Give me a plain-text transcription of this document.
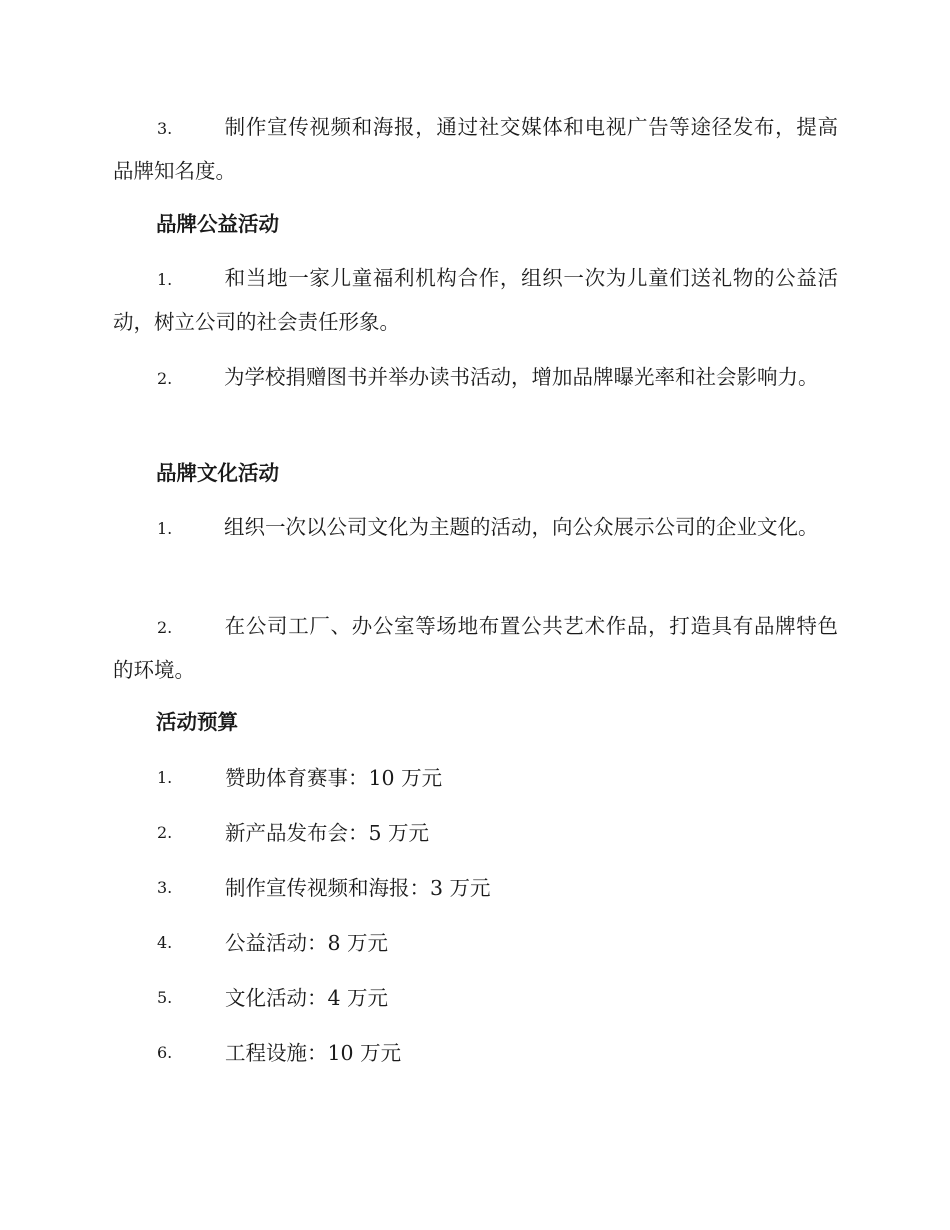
3.	制作宣传视频和海报，通过社交媒体和电视广告等途径发布，提高品牌知名度。

品牌公益活动

1.	和当地一家儿童福利机构合作，组织一次为儿童们送礼物的公益活动，树立公司的社会责任形象。

2.	为学校捐赠图书并举办读书活动，增加品牌曝光率和社会影响力。

品牌文化活动

1.	组织一次以公司文化为主题的活动，向公众展示公司的企业文化。

2.	在公司工厂、办公室等场地布置公共艺术作品，打造具有品牌特色的环境。

活动预算
1.	赞助体育赛事：10 万元
2.	新产品发布会：5 万元
3.	制作宣传视频和海报：3 万元
4.	公益活动：8 万元
5.	文化活动：4 万元
6.	工程设施：10 万元
